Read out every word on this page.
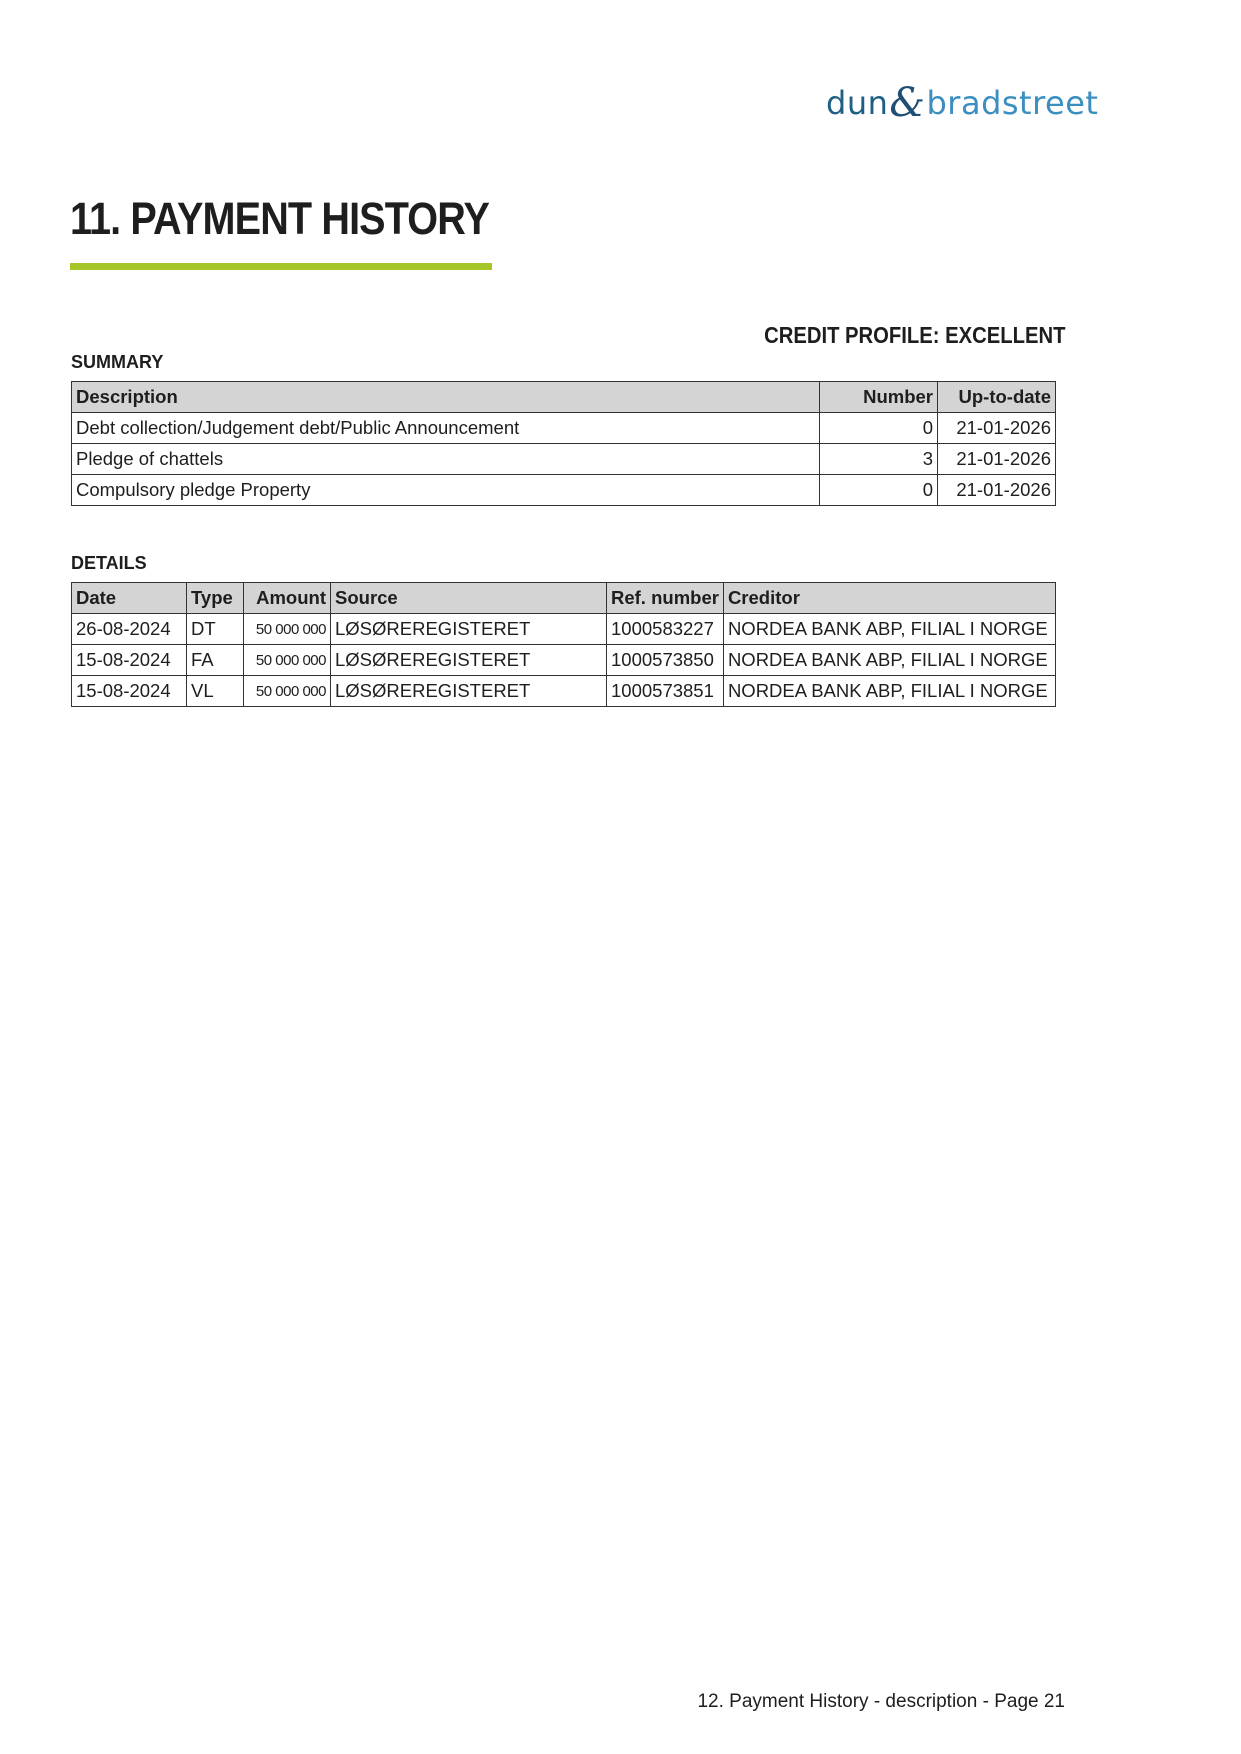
dun&bradstreet
11. PAYMENT HISTORY
CREDIT PROFILE: EXCELLENT
SUMMARY
Description	Number	Up-to-date
Debt collection/Judgement debt/Public Announcement	0	21-01-2026
Pledge of chattels	3	21-01-2026
Compulsory pledge Property	0	21-01-2026
DETAILS
Date	Type	Amount	Source	Ref. number	Creditor
26-08-2024	DT	50 000 000	LØSØREREGISTERET	1000583227	NORDEA BANK ABP, FILIAL I NORGE
15-08-2024	FA	50 000 000	LØSØREREGISTERET	1000573850	NORDEA BANK ABP, FILIAL I NORGE
15-08-2024	VL	50 000 000	LØSØREREGISTERET	1000573851	NORDEA BANK ABP, FILIAL I NORGE
12. Payment History - description - Page 21
